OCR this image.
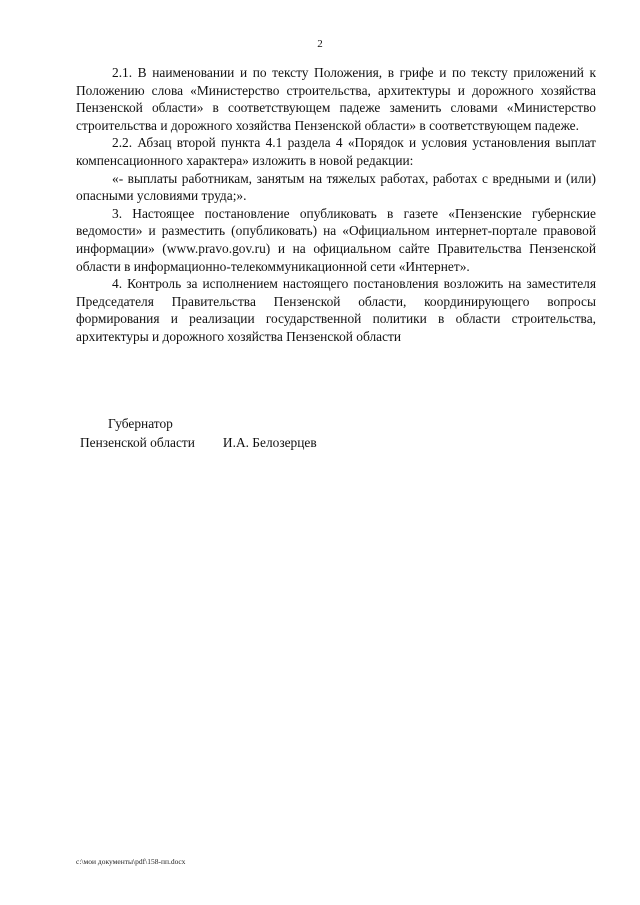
2

2.1. В наименовании и по тексту Положения, в грифе и по тексту приложений к Положению слова «Министерство строительства, архитектуры и дорожного хозяйства Пензенской области» в соответствующем падеже заменить словами «Министерство строительства и дорожного хозяйства Пензенской области» в соответствующем падеже.

2.2. Абзац второй пункта 4.1 раздела 4 «Порядок и условия установления выплат компенсационного характера» изложить в новой редакции:

«- выплаты работникам, занятым на тяжелых работах, работах с вредными и (или) опасными условиями труда;».

3. Настоящее постановление опубликовать в газете «Пензенские губернские ведомости» и разместить (опубликовать) на «Официальном интернет-портале правовой информации» (www.pravo.gov.ru) и на официальном сайте Правительства Пензенской области в информационно-телекоммуникационной сети «Интернет».

4. Контроль за исполнением настоящего постановления возложить на заместителя Председателя Правительства Пензенской области, координирующего вопросы формирования и реализации государственной политики в области строительства, архитектуры и дорожного хозяйства Пензенской области

Губернатор
Пензенской области И.А. Белозерцев
c:\мои документы\pdf\158-пп.docx
